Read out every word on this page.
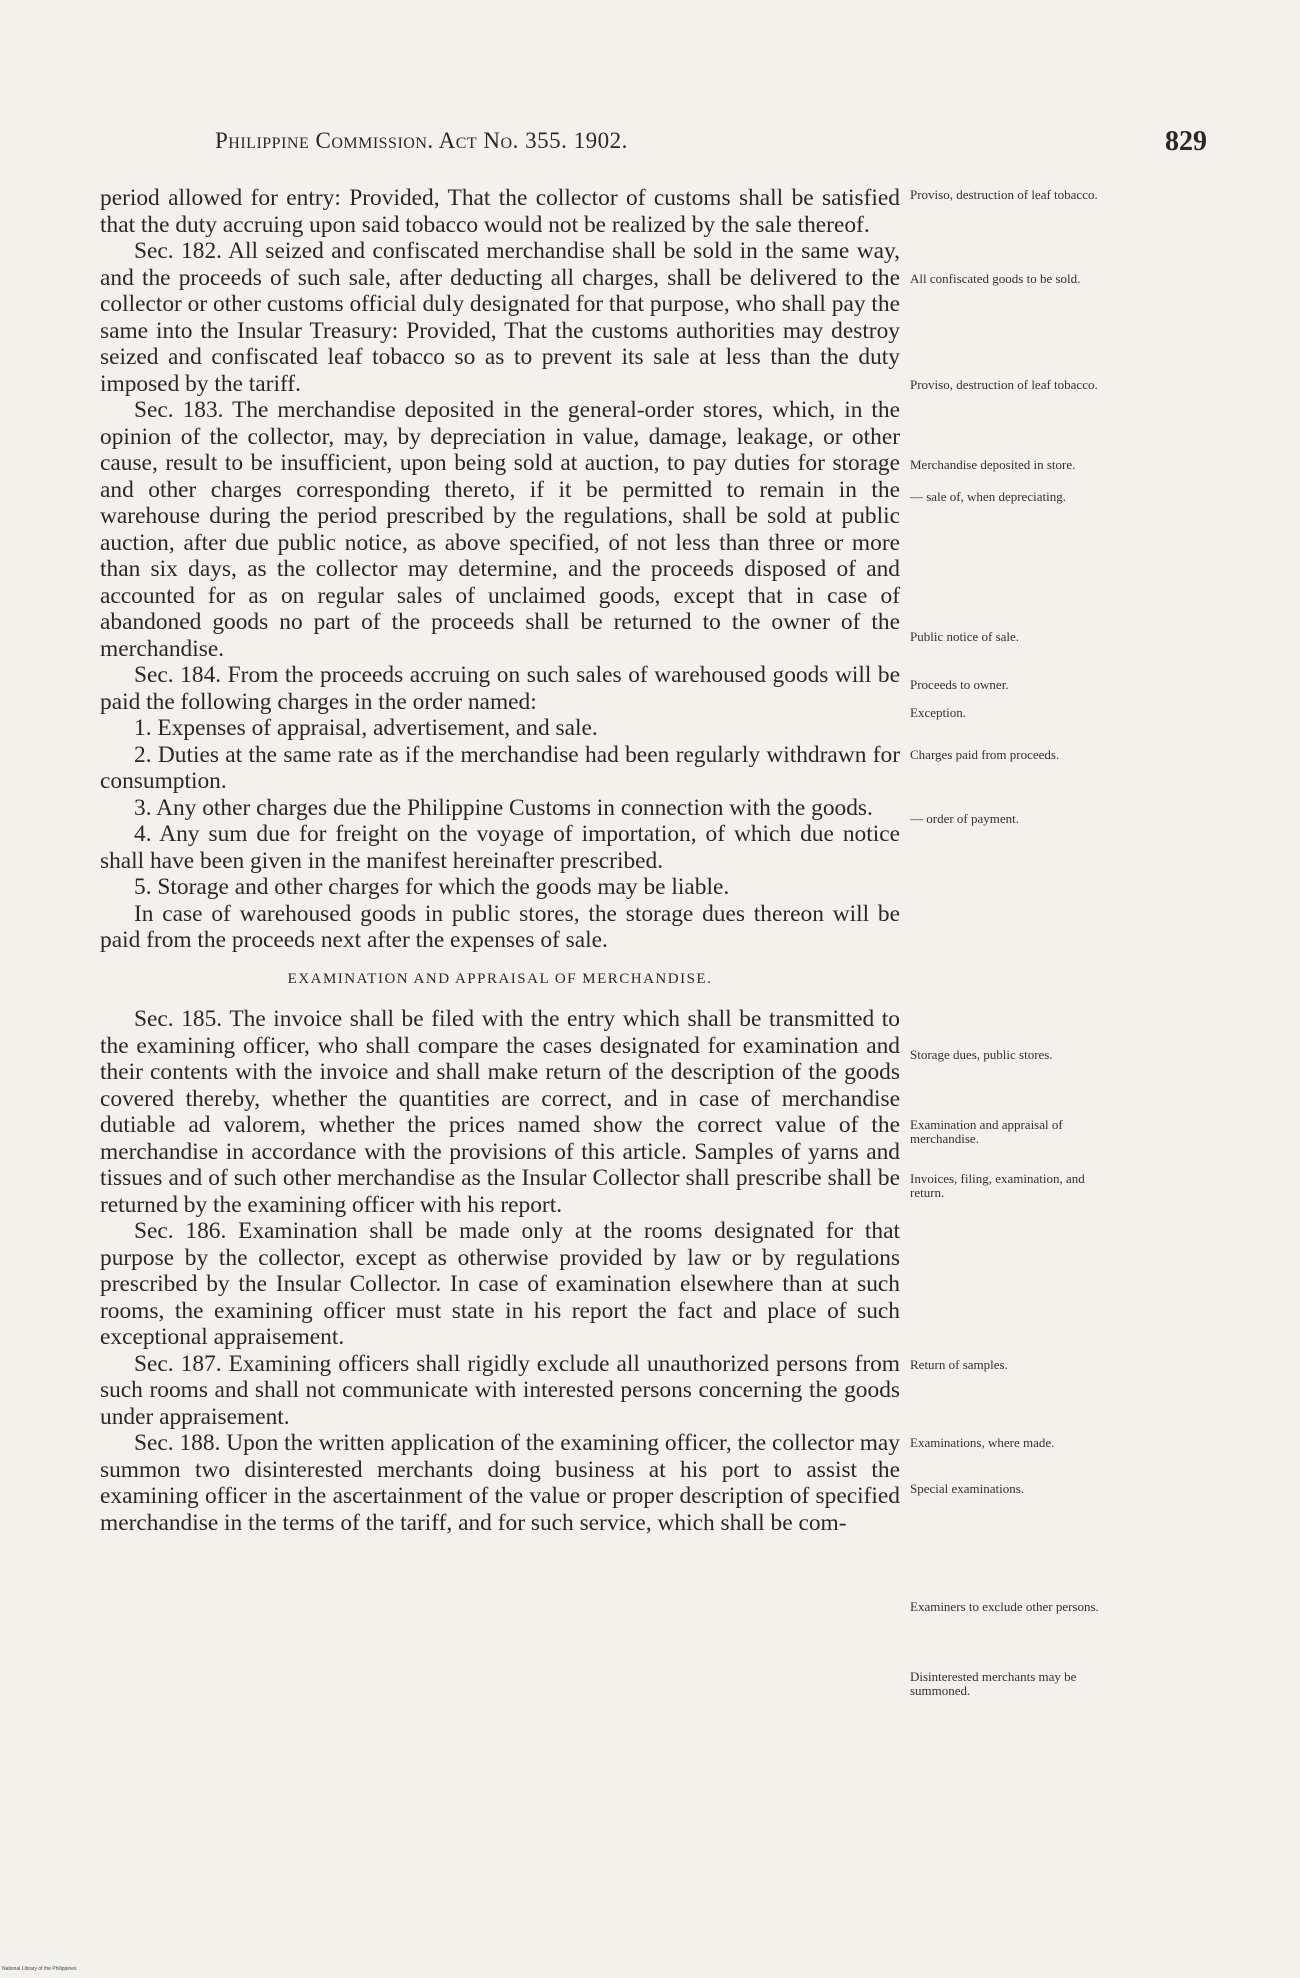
Philippine Commission. Act No. 355. 1902.	829

period allowed for entry: Provided, That the collector of customs shall be satisfied that the duty accruing upon said tobacco would not be realized by the sale thereof.

Sec. 182. All seized and confiscated merchandise shall be sold in the same way, and the proceeds of such sale, after deducting all charges, shall be delivered to the collector or other customs official duly designated for that purpose, who shall pay the same into the Insular Treasury: Provided, That the customs authorities may destroy seized and confiscated leaf tobacco so as to prevent its sale at less than the duty imposed by the tariff.

Sec. 183. The merchandise deposited in the general-order stores, which, in the opinion of the collector, may, by depreciation in value, damage, leakage, or other cause, result to be insufficient, upon being sold at auction, to pay duties for storage and other charges corresponding thereto, if it be permitted to remain in the warehouse during the period prescribed by the regulations, shall be sold at public auction, after due public notice, as above specified, of not less than three or more than six days, as the collector may determine, and the proceeds disposed of and accounted for as on regular sales of unclaimed goods, except that in case of abandoned goods no part of the proceeds shall be returned to the owner of the merchandise.

Sec. 184. From the proceeds accruing on such sales of warehoused goods will be paid the following charges in the order named:

1. Expenses of appraisal, advertisement, and sale.

2. Duties at the same rate as if the merchandise had been regularly withdrawn for consumption.

3. Any other charges due the Philippine Customs in connection with the goods.

4. Any sum due for freight on the voyage of importation, of which due notice shall have been given in the manifest hereinafter prescribed.

5. Storage and other charges for which the goods may be liable.

In case of warehoused goods in public stores, the storage dues thereon will be paid from the proceeds next after the expenses of sale.

EXAMINATION AND APPRAISAL OF MERCHANDISE.

Sec. 185. The invoice shall be filed with the entry which shall be transmitted to the examining officer, who shall compare the cases designated for examination and their contents with the invoice and shall make return of the description of the goods covered thereby, whether the quantities are correct, and in case of merchandise dutiable ad valorem, whether the prices named show the correct value of the merchandise in accordance with the provisions of this article. Samples of yarns and tissues and of such other merchandise as the Insular Collector shall prescribe shall be returned by the examining officer with his report.

Sec. 186. Examination shall be made only at the rooms designated for that purpose by the collector, except as otherwise provided by law or by regulations prescribed by the Insular Collector. In case of examination elsewhere than at such rooms, the examining officer must state in his report the fact and place of such exceptional appraisement.

Sec. 187. Examining officers shall rigidly exclude all unauthorized persons from such rooms and shall not communicate with interested persons concerning the goods under appraisement.

Sec. 188. Upon the written application of the examining officer, the collector may summon two disinterested merchants doing business at his port to assist the examining officer in the ascertainment of the value or proper description of specified merchandise in the terms of the tariff, and for such service, which shall be com-

Proviso, destruction of leaf tobacco.
All confiscated goods to be sold.
Proviso, destruction of leaf tobacco.
Merchandise deposited in store.
— sale of, when depreciating.
Public notice of sale.
Proceeds to owner.
Exception.
Charges paid from proceeds.
— order of payment.
Storage dues, public stores.
Examination and appraisal of merchandise.
Invoices, filing, examination, and return.
Return of samples.
Examinations, where made.
Special examinations.
Examiners to exclude other persons.
Disinterested merchants may be summoned.
National Library of the Philippines
